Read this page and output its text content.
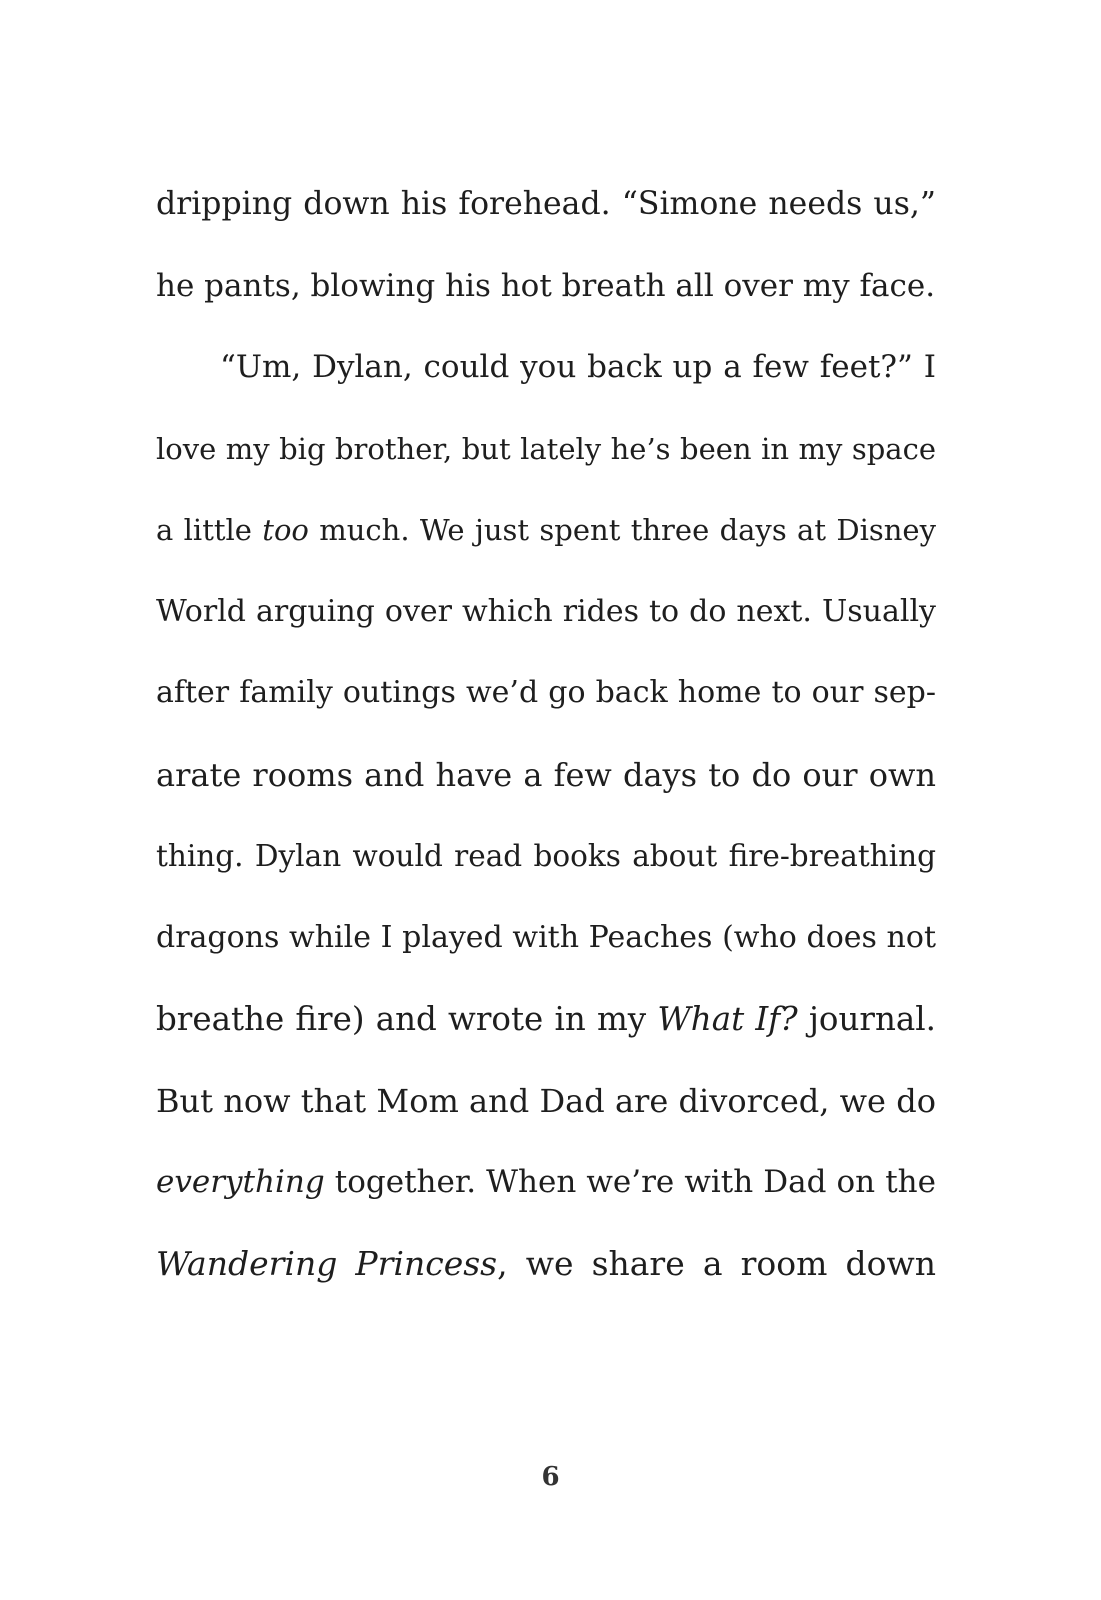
dripping down his forehead. “Simone needs us,”
he pants, blowing his hot breath all over my face.
“Um, Dylan, could you back up a few feet?” I
love my big brother, but lately he’s been in my space
a little too much. We just spent three days at Disney
World arguing over which rides to do next. Usually
after family outings we’d go back home to our sep-
arate rooms and have a few days to do our own
thing. Dylan would read books about fire-breathing
dragons while I played with Peaches (who does not
breathe fire) and wrote in my What If? journal.
But now that Mom and Dad are divorced, we do
everything together. When we’re with Dad on the
Wandering Princess, we share a room down
6
